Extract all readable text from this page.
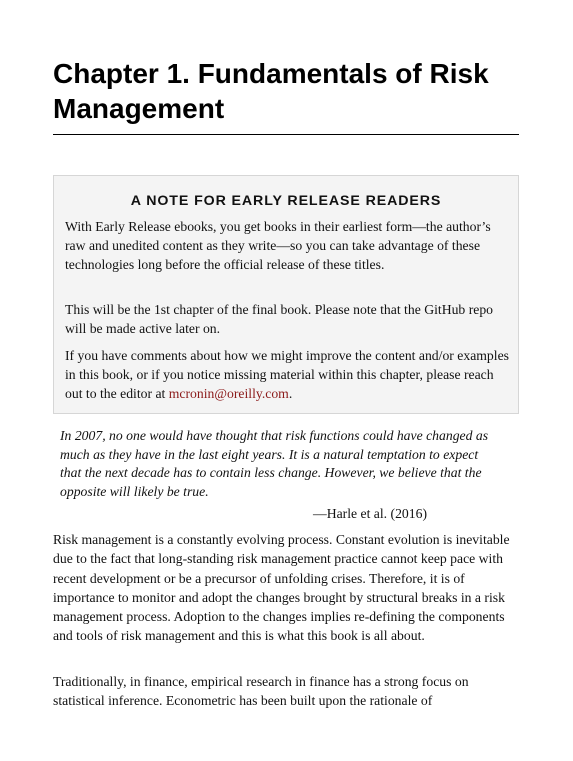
Chapter 1. Fundamentals of Risk Management
A NOTE FOR EARLY RELEASE READERS

With Early Release ebooks, you get books in their earliest form—the author’s raw and unedited content as they write—so you can take advantage of these technologies long before the official release of these titles.

This will be the 1st chapter of the final book. Please note that the GitHub repo will be made active later on.

If you have comments about how we might improve the content and/or examples in this book, or if you notice missing material within this chapter, please reach out to the editor at mcronin@oreilly.com.

In 2007, no one would have thought that risk functions could have changed as much as they have in the last eight years. It is a natural temptation to expect that the next decade has to contain less change. However, we believe that the opposite will likely be true.

—Harle et al. (2016)

Risk management is a constantly evolving process. Constant evolution is inevitable due to the fact that long-standing risk management practice cannot keep pace with recent development or be a precursor of unfolding crises. Therefore, it is of importance to monitor and adopt the changes brought by structural breaks in a risk management process. Adoption to the changes implies re-defining the components and tools of risk management and this is what this book is all about.

Traditionally, in finance, empirical research in finance has a strong focus on statistical inference. Econometric has been built upon the rationale of
